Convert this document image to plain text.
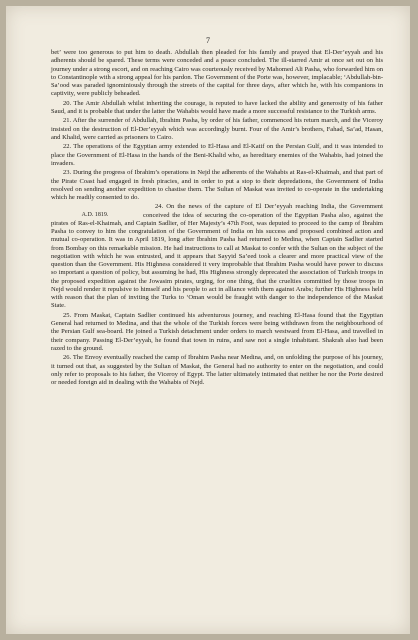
7

bet’ were too generous to put him to death. Abdullah then pleaded for his family and prayed that El-Der’eyyah and his adherents should be spared. These terms were conceded and a peace concluded. The ill-starred Amir at once set out on his journey under a strong escort, and on reaching Cairo was courteously received by Mahomed Ali Pasha, who forwarded him on to Constantinople with a strong appeal for his pardon. The Government of the Porte was, however, implacable; ‘Abdullah-bin-Sa’ood was paraded ignominiously through the streets of the capital for three days, after which he, with his companions in captivity, were publicly beheaded.

20. The Amir Abdullah whilst inheriting the courage, is reputed to have lacked the ability and generosity of his father Saud, and it is probable that under the latter the Wahabis would have made a more successful resistance to the Turkish arms.

21. After the surrender of Abdullah, Ibrahim Pasha, by order of his father, commenced his return march, and the Viceroy insisted on the destruction of El-Der’eyyah which was accordingly burnt. Four of the Amir’s brothers, Fahad, Sa’ad, Hasan, and Khalid, were carried as prisoners to Cairo.

22. The operations of the Egyptian army extended to El-Hasa and El-Katif on the Persian Gulf, and it was intended to place the Government of El-Hasa in the hands of the Beni-Khalid who, as hereditary enemies of the Wahabis, had joined the invaders.

23. During the progress of Ibrahim’s operations in Nejd the adherents of the Wahabis at Ras-el-Khaimah, and that part of the Pirate Coast had engaged in fresh piracies, and in order to put a stop to their depredations, the Government of India resolved on sending another expedition to chastise them. The Sultan of Maskat was invited to co-operate in the undertaking which he readily consented to do.

A.D. 1819.

24. On the news of the capture of El Der’eyyah reaching India, the Government conceived the idea of securing the co-operation of the Egyptian Pasha also, against the pirates of Ras-el-Khaimah, and Captain Sadlier, of Her Majesty’s 47th Foot, was deputed to proceed to the camp of Ibrahim Pasha to convey to him the congratulation of the Government of India on his success and proposed combined action and mutual co-operation. It was in April 1819, long after Ibrahim Pasha had returned to Medina, when Captain Sadlier started from Bombay on this remarkable mission. He had instructions to call at Maskat to confer with the Sultan on the subject of the negotiation with which he was entrusted, and it appears that Sayyid Sa’eed took a clearer and more practical view of the question than the Government. His Highness considered it very improbable that Ibrahim Pasha would have power to discuss so important a question of policy, but assuming he had, His Highness strongly deprecated the association of Turkish troops in the proposed expedition against the Jowasim pirates, urging, for one thing, that the cruelties committed by those troops in Nejd would render it repulsive to himself and his people to act in alliance with them against Arabs; further His Highness held with reason that the plan of inviting the Turks to ‘Oman would be fraught with danger to the independence of the Maskat State.

25. From Maskat, Captain Sadlier continued his adventurous journey, and reaching El-Hasa found that the Egyptian General had returned to Medina, and that the whole of the Turkish forces were being withdrawn from the neighbourhood of the Persian Gulf sea-board. He joined a Turkish detachment under orders to march westward from El-Hasa, and travelled in their company. Passing El-Der’eyyah, he found that town in ruins, and saw not a single inhabitant. Shakrah also had been razed to the ground.

26. The Envoy eventually reached the camp of Ibrahim Pasha near Medina, and, on unfolding the purpose of his journey, it turned out that, as suggested by the Sultan of Maskat, the General had no authority to enter on the negotiation, and could only refer to proposals to his father, the Viceroy of Egypt. The latter ultimately intimated that neither he nor the Porte desired or needed foreign aid in dealing with the Wahabis of Nejd.
